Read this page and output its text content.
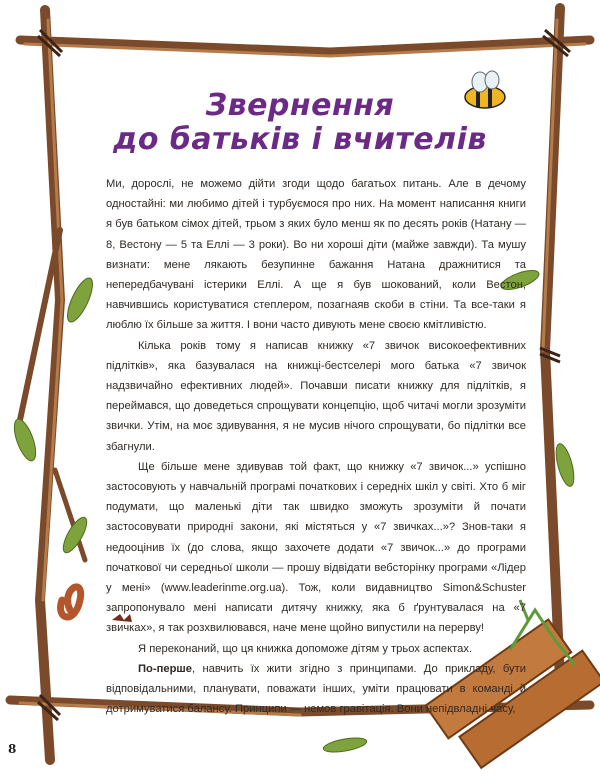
Звернення
до батьків і вчителів

Ми, дорослі, не можемо дійти згоди щодо багатьох питань. Але в дечому одностайні: ми любимо дітей і турбуємося про них. На момент написання книги я був батьком сімох дітей, трьом з яких було менш як по десять років (Натану — 8, Вестону — 5 та Еллі — 3 роки). Во ни хороші діти (майже завжди). Та мушу визнати: мене лякають безупинне бажання Натана дражнитися та непередбачувані істерики Еллі. А ще я був шокований, коли Вестон, навчившись користуватися степлером, позагнаяв скоби в стіни. Та все-таки я люблю їх більше за життя. І вони часто дивують мене своєю кмітливістю.

Кілька років тому я написав книжку «7 звичок високоефективних підлітків», яка базувалася на книжці-бестселері мого батька «7 звичок надзвичайно ефективних людей». Почавши писати книжку для підлітків, я переймався, що доведеться спрощувати концепцію, щоб читачі могли зрозуміти звички. Утім, на моє здивування, я не мусив нічого спрощувати, бо підлітки все збагнули.

Ще більше мене здивував той факт, що книжку «7 звичок...» успішно застосовують у навчальній програмі початкових і середніх шкіл у світі. Хто б міг подумати, що маленькі діти так швидко зможуть зрозуміти й почати застосовувати природні закони, які містяться у «7 звичках...»? Знов-таки я недооцінив їх (до слова, якщо захочете додати «7 звичок...» до програми початкової чи середньої школи — прошу відвідати вебсторінку програми «Лідер у мені» (www.leaderinme.org.ua). Тож, коли видавництво Simon&Schuster запропонувало мені написати дитячу книжку, яка б ґрунтувалася на «7 звичках», я так розхвилювався, наче мене щойно випустили на перерву!

Я переконаний, що ця книжка допоможе дітям у трьох аспектах.

По-перше, навчить їх жити згідно з принципами. До прикладу, бути відповідальними, планувати, поважати інших, уміти працювати в команді й дотримуватися балансу. Принципи — немов гравітація. Вони непідвладні часу,

8
